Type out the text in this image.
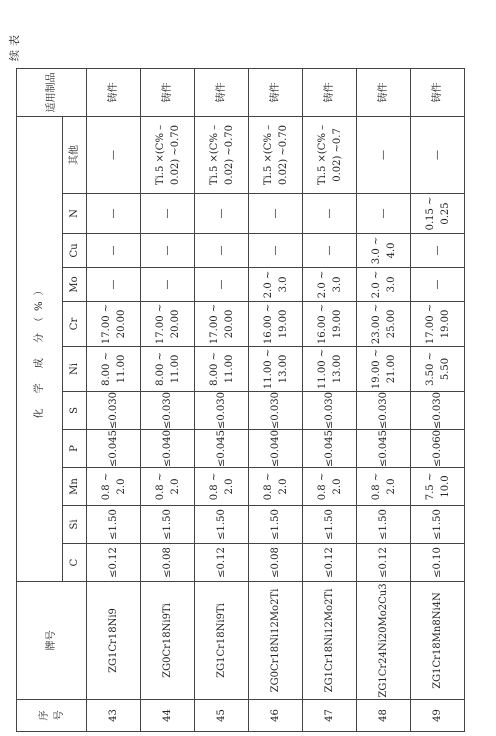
续表
序
号	牌号	化 学 成 分（%）											适用制品
		C	Si	Mn	P	S	Ni	Cr	Mo	Cu	N	其他	
43	ZG1Cr18Ni9	≤0.12	≤1.50	0.8 ~
2.0	≤0.045	≤0.030	8.00 ~
11.00	17.00 ~
20.00	—	—	—	—	铸件
44	ZG0Cr18Ni9Ti	≤0.08	≤1.50	0.8 ~
2.0	≤0.040	≤0.030	8.00 ~
11.00	17.00 ~
20.00	—	—	—	Ti.5 ×(C% –
0.02) ~0.70	铸件
45	ZG1Cr18Ni9Ti	≤0.12	≤1.50	0.8 ~
2.0	≤0.045	≤0.030	8.00 ~
11.00	17.00 ~
20.00	—	—	—	Ti.5 ×(C% –
0.02) ~0.70	铸件
46	ZG0Cr18Ni12Mo2Ti	≤0.08	≤1.50	0.8 ~
2.0	≤0.040	≤0.030	11.00 ~
13.00	16.00 ~
19.00	2.0 ~
3.0	—	—	Ti.5 ×(C% –
0.02) ~0.70	铸件
47	ZG1Cr18Ni12Mo2Ti	≤0.12	≤1.50	0.8 ~
2.0	≤0.045	≤0.030	11.00 ~
13.00	16.00 ~
19.00	2.0 ~
3.0	—	—	Ti.5 ×(C% –
0.02) ~0.7	铸件
48	ZG1Cr24Ni20Mo2Cu3	≤0.12	≤1.50	0.8 ~
2.0	≤0.045	≤0.030	19.00 ~
21.00	23.00 ~
25.00	2.0 ~
3.0	3.0 ~
4.0	—	—	铸件
49	ZG1Cr18Mn8Ni4N	≤0.10	≤1.50	7.5 ~
10.0	≤0.060	≤0.030	3.50 ~
5.50	17.00 ~
19.00	—	—	0.15 ~
0.25	—	铸件
